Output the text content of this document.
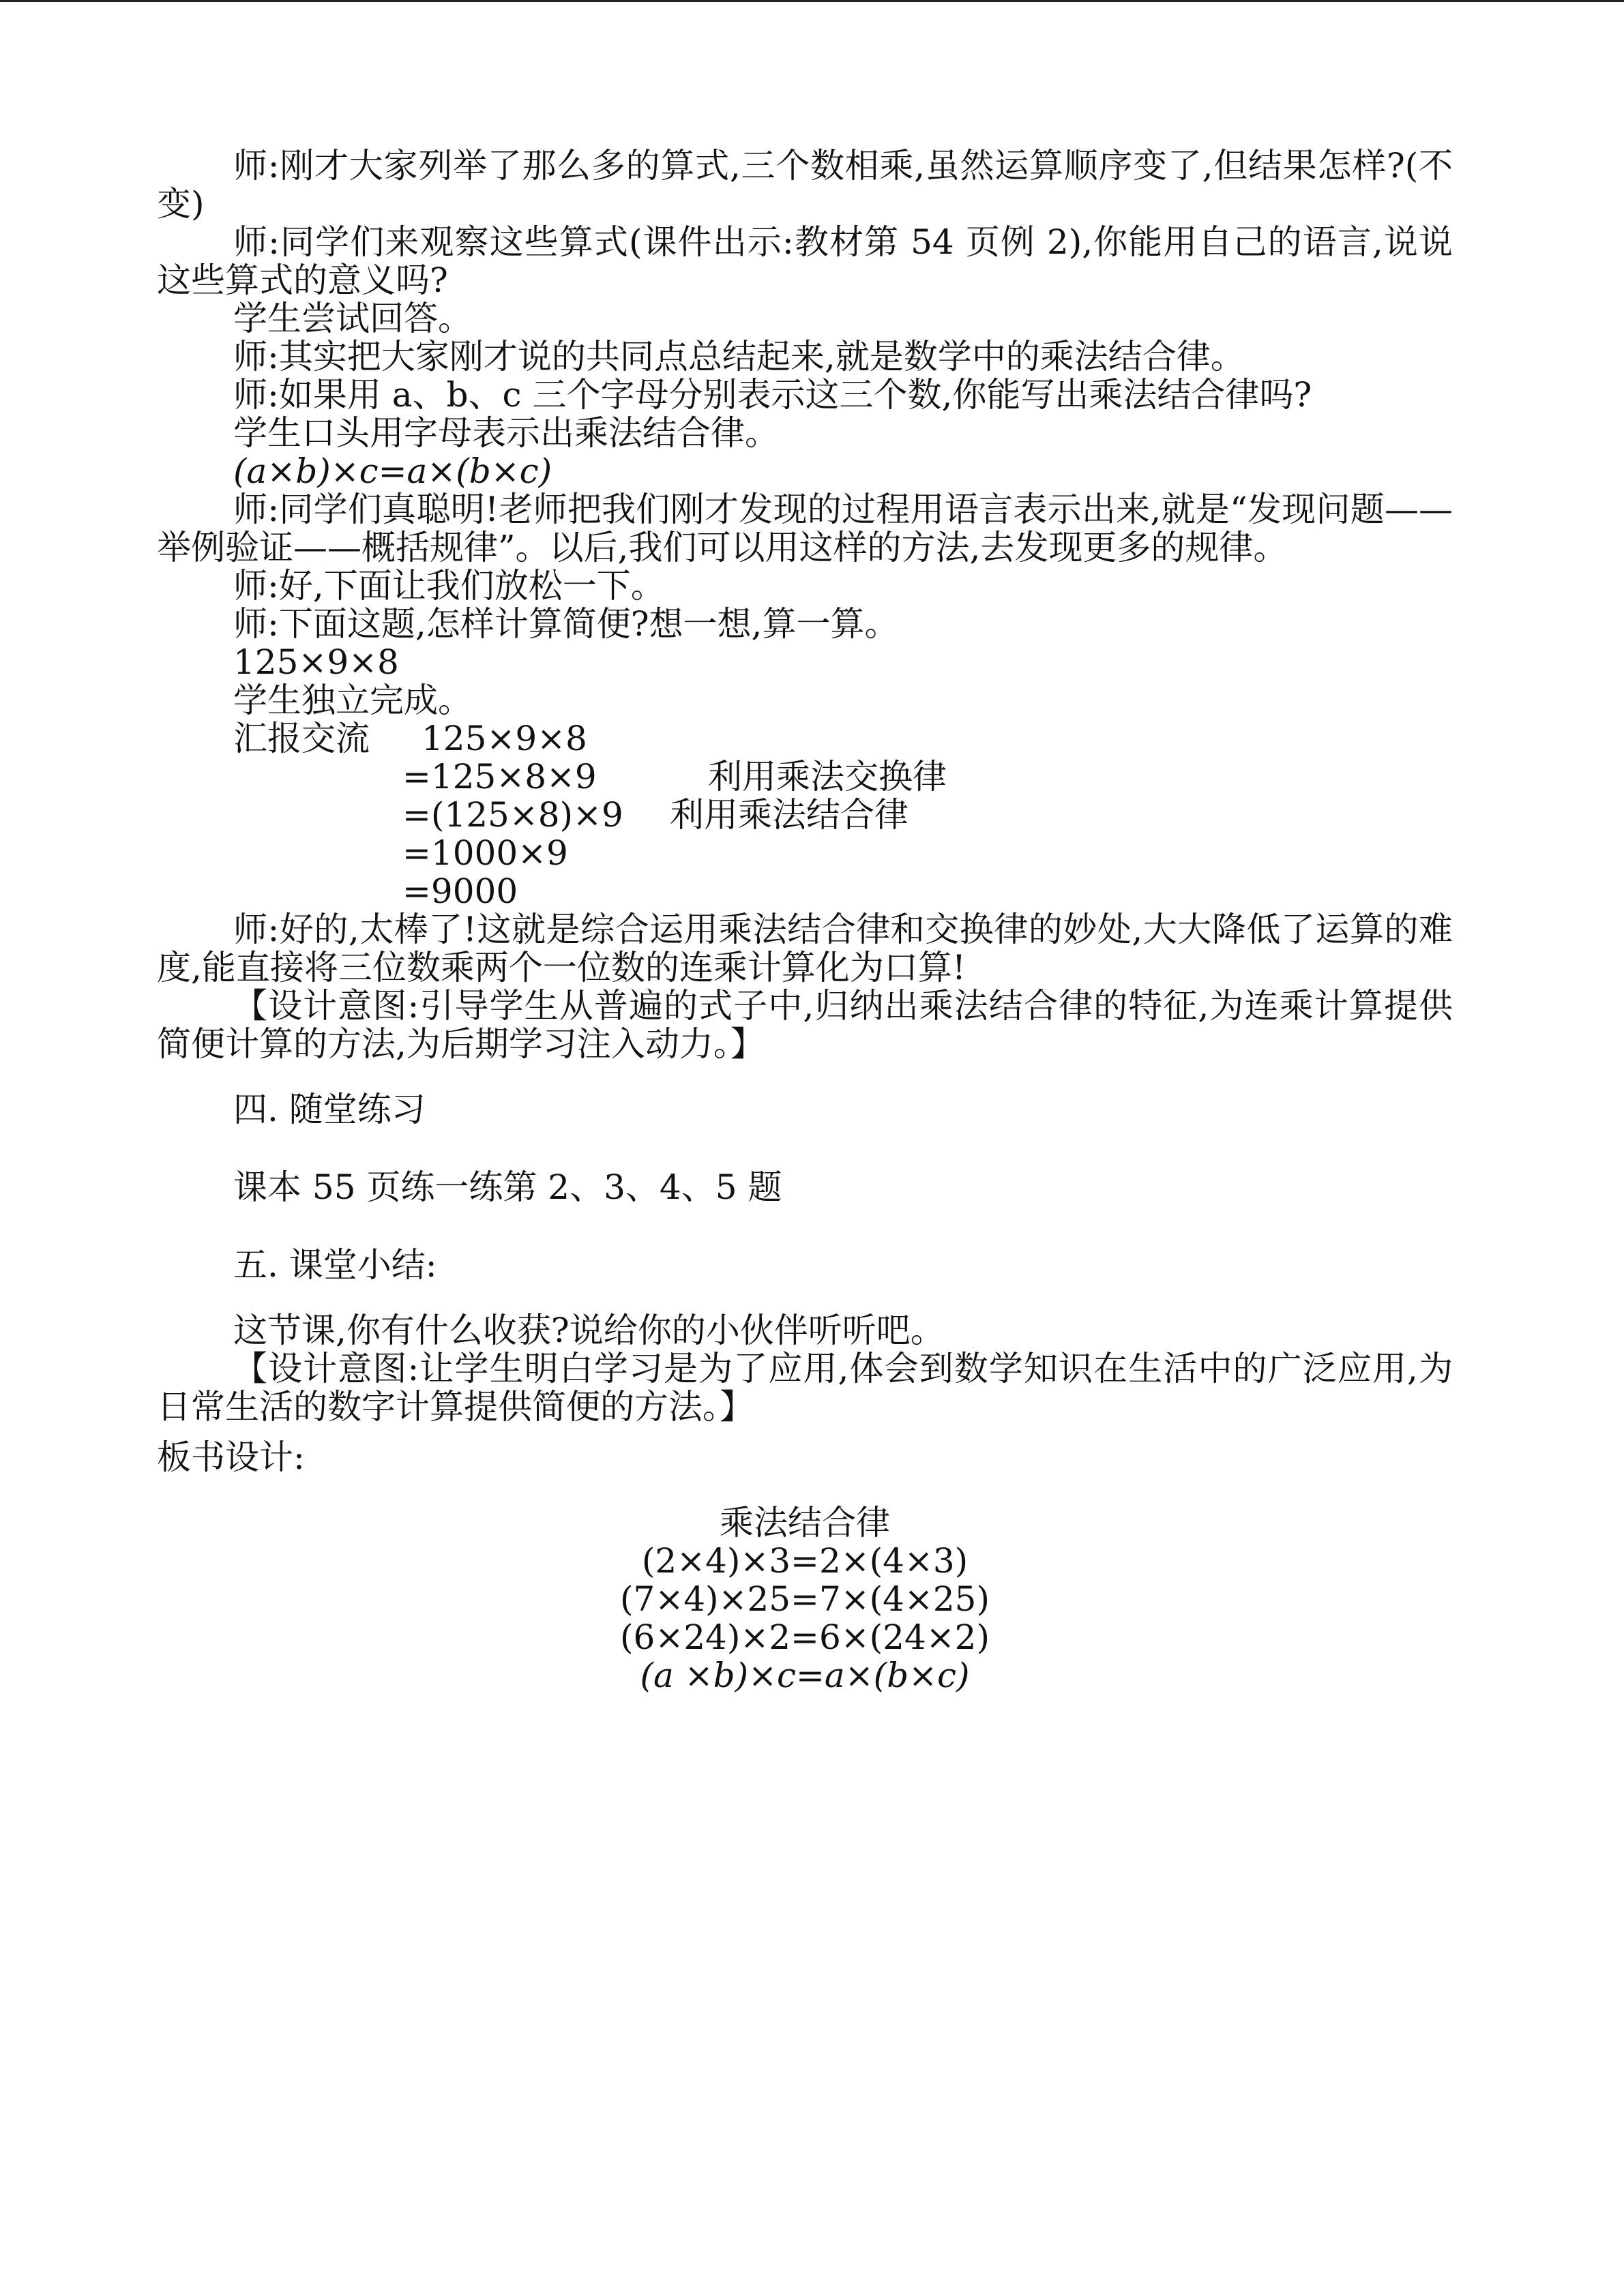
师:刚才大家列举了那么多的算式,三个数相乘,虽然运算顺序变了,但结果怎样?(不变)

师:同学们来观察这些算式(课件出示:教材第 54 页例 2),你能用自己的语言,说说这些算式的意义吗?

学生尝试回答。

师:其实把大家刚才说的共同点总结起来,就是数学中的乘法结合律。

师:如果用 a、b、c 三个字母分别表示这三个数,你能写出乘法结合律吗?

学生口头用字母表示出乘法结合律。

(a×b)×c=a×(b×c)

师:同学们真聪明!老师把我们刚才发现的过程用语言表示出来,就是“发现问题——举例验证——概括规律”。以后,我们可以用这样的方法,去发现更多的规律。

师:好,下面让我们放松一下。

师:下面这题,怎样计算简便?想一想,算一算。

125×9×8

学生独立完成。

汇报交流 125×9×8
=125×8×9	利用乘法交换律
=(125×8)×9 利用乘法结合律
=1000×9
=9000

师:好的,太棒了!这就是综合运用乘法结合律和交换律的妙处,大大降低了运算的难度,能直接将三位数乘两个一位数的连乘计算化为口算!

【设计意图:引导学生从普遍的式子中,归纳出乘法结合律的特征,为连乘计算提供简便计算的方法,为后期学习注入动力。】

四. 随堂练习

课本 55 页练一练第 2、3、4、5 题

五. 课堂小结:

这节课,你有什么收获?说给你的小伙伴听听吧。

【设计意图:让学生明白学习是为了应用,体会到数学知识在生活中的广泛应用,为日常生活的数字计算提供简便的方法。】

板书设计:

乘法结合律
(2×4)×3=2×(4×3)
(7×4)×25=7×(4×25)
(6×24)×2=6×(24×2)
(a ×b)×c=a×(b×c)
